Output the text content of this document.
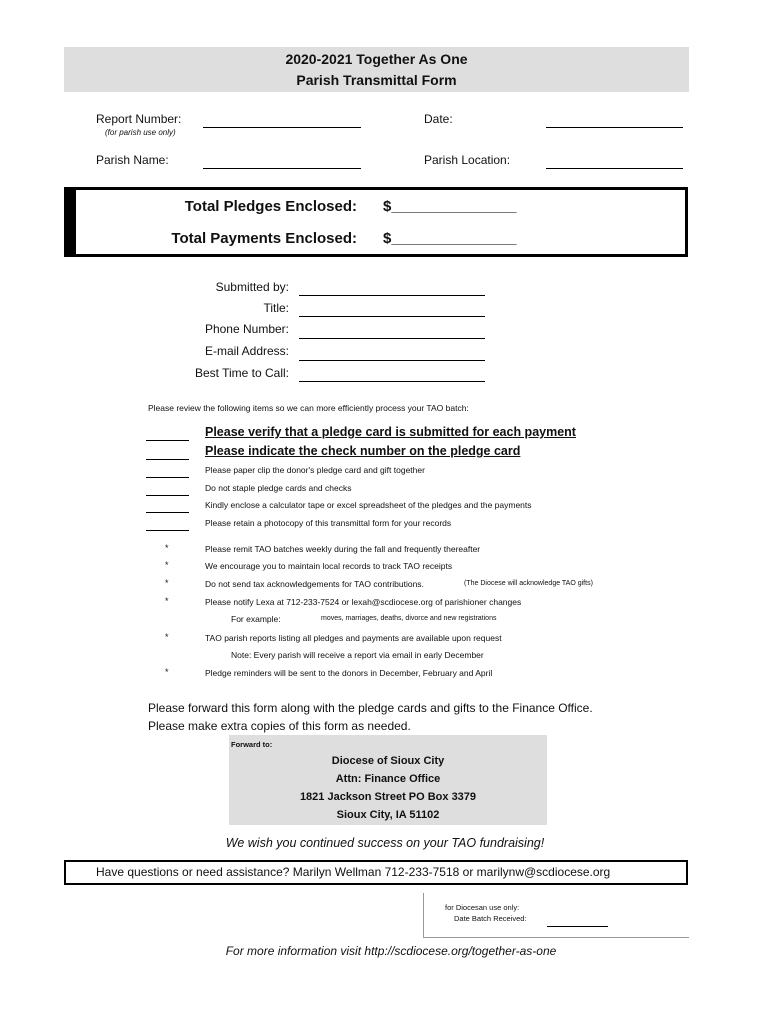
2020-2021 Together As One
Parish Transmittal Form
Report Number:
(for parish use only)
Date:
Parish Name:	Parish Location:
Total Pledges Enclosed: $_______________
Total Payments Enclosed: $_______________
Submitted by:
Title:
Phone Number:
E-mail Address:
Best Time to Call:
Please review the following items so we can more efficiently process your TAO batch:
Please verify that a pledge card is submitted for each payment
Please indicate the check number on the pledge card
Please paper clip the donor's pledge card and gift together
Do not staple pledge cards and checks
Kindly enclose a calculator tape or excel spreadsheet of the pledges and the payments
Please retain a photocopy of this transmittal form for your records
*	Please remit TAO batches weekly during the fall and frequently thereafter
*	We encourage you to maintain local records to track TAO receipts
*	Do not send tax acknowledgements for TAO contributions.	(The Diocese will acknowledge TAO gifts)
*	Please notify Lexa at 712-233-7524 or lexah@scdiocese.org of parishioner changes
For example:	moves, marriages, deaths, divorce and new registrations
*	TAO parish reports listing all pledges and payments are available upon request
Note: Every parish will receive a report via email in early December
*	Pledge reminders will be sent to the donors in December, February and April
Please forward this form along with the pledge cards and gifts to the Finance Office.
Please make extra copies of this form as needed.
Forward to:
Diocese of Sioux City
Attn: Finance Office
1821 Jackson Street PO Box 3379
Sioux City, IA 51102
We wish you continued success on your TAO fundraising!
Have questions or need assistance? Marilyn Wellman 712-233-7518 or marilynw@scdiocese.org
for Diocesan use only:
Date Batch Received:
For more information visit http://scdiocese.org/together-as-one
